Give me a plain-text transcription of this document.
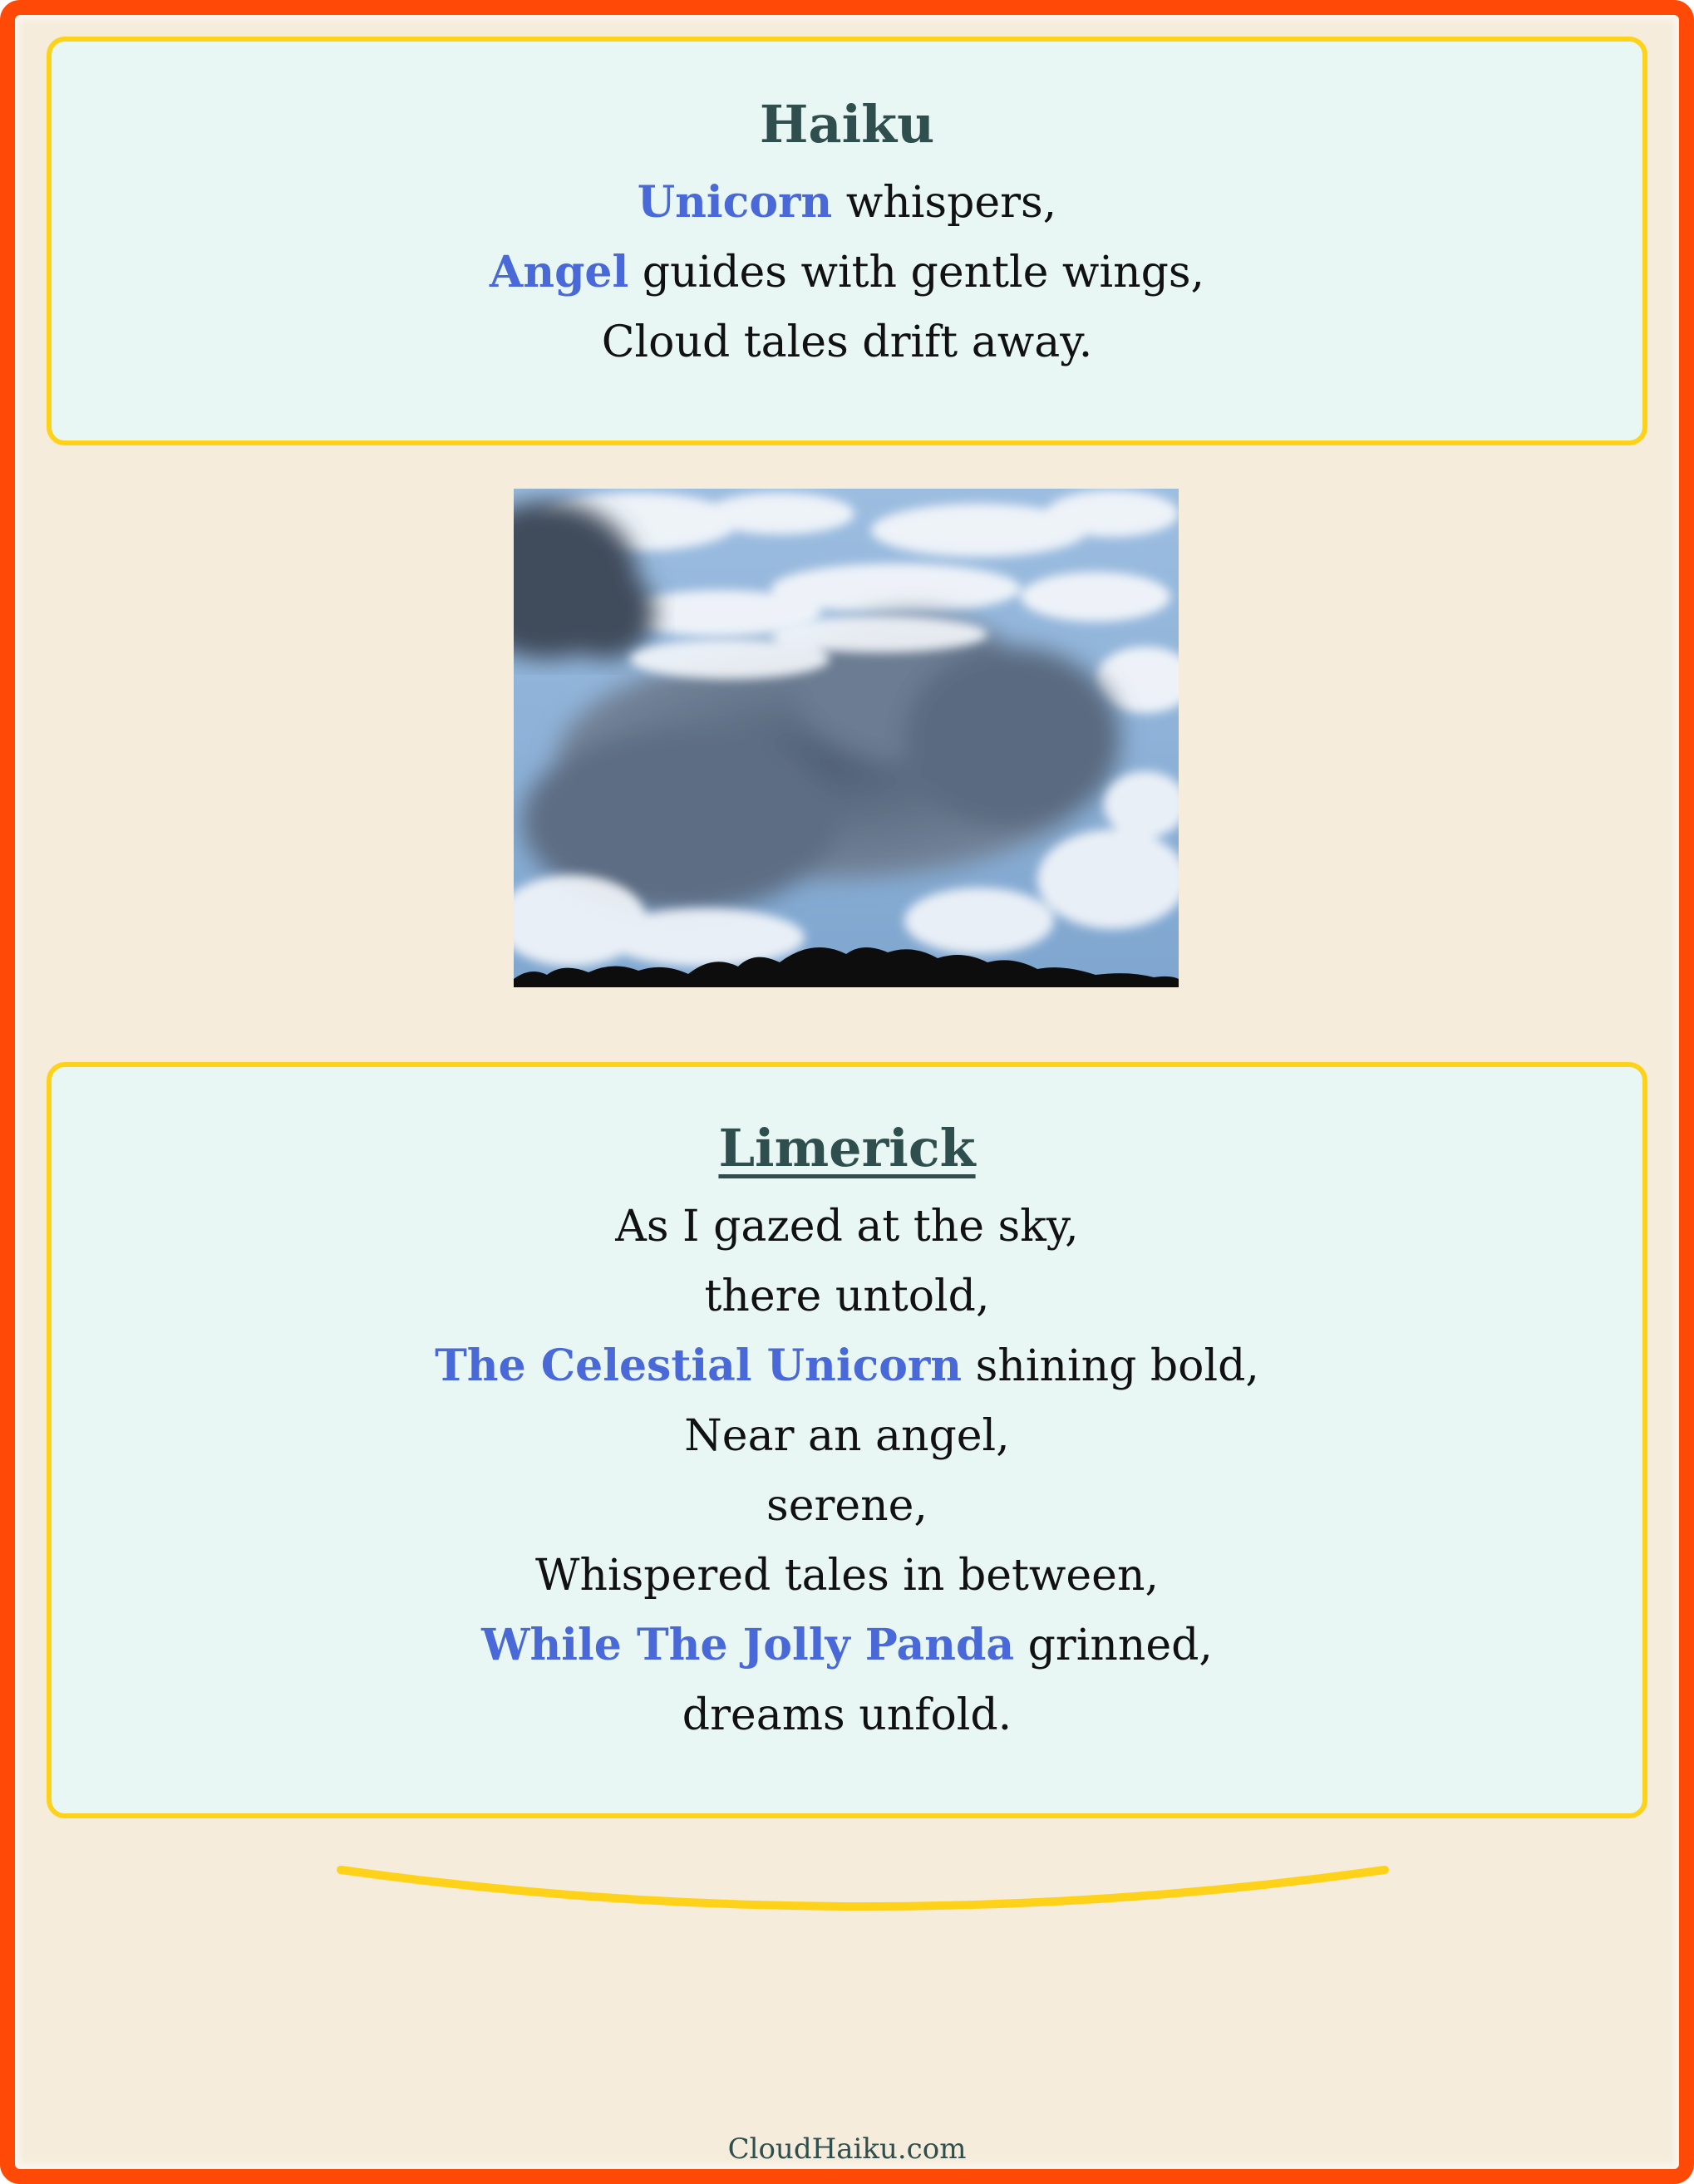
Haiku
Unicorn whispers,
Angel guides with gentle wings,
Cloud tales drift away.
Limerick
As I gazed at the sky,
there untold,
The Celestial Unicorn shining bold,
Near an angel,
serene,
Whispered tales in between,
While The Jolly Panda grinned,
dreams unfold.
CloudHaiku.com
